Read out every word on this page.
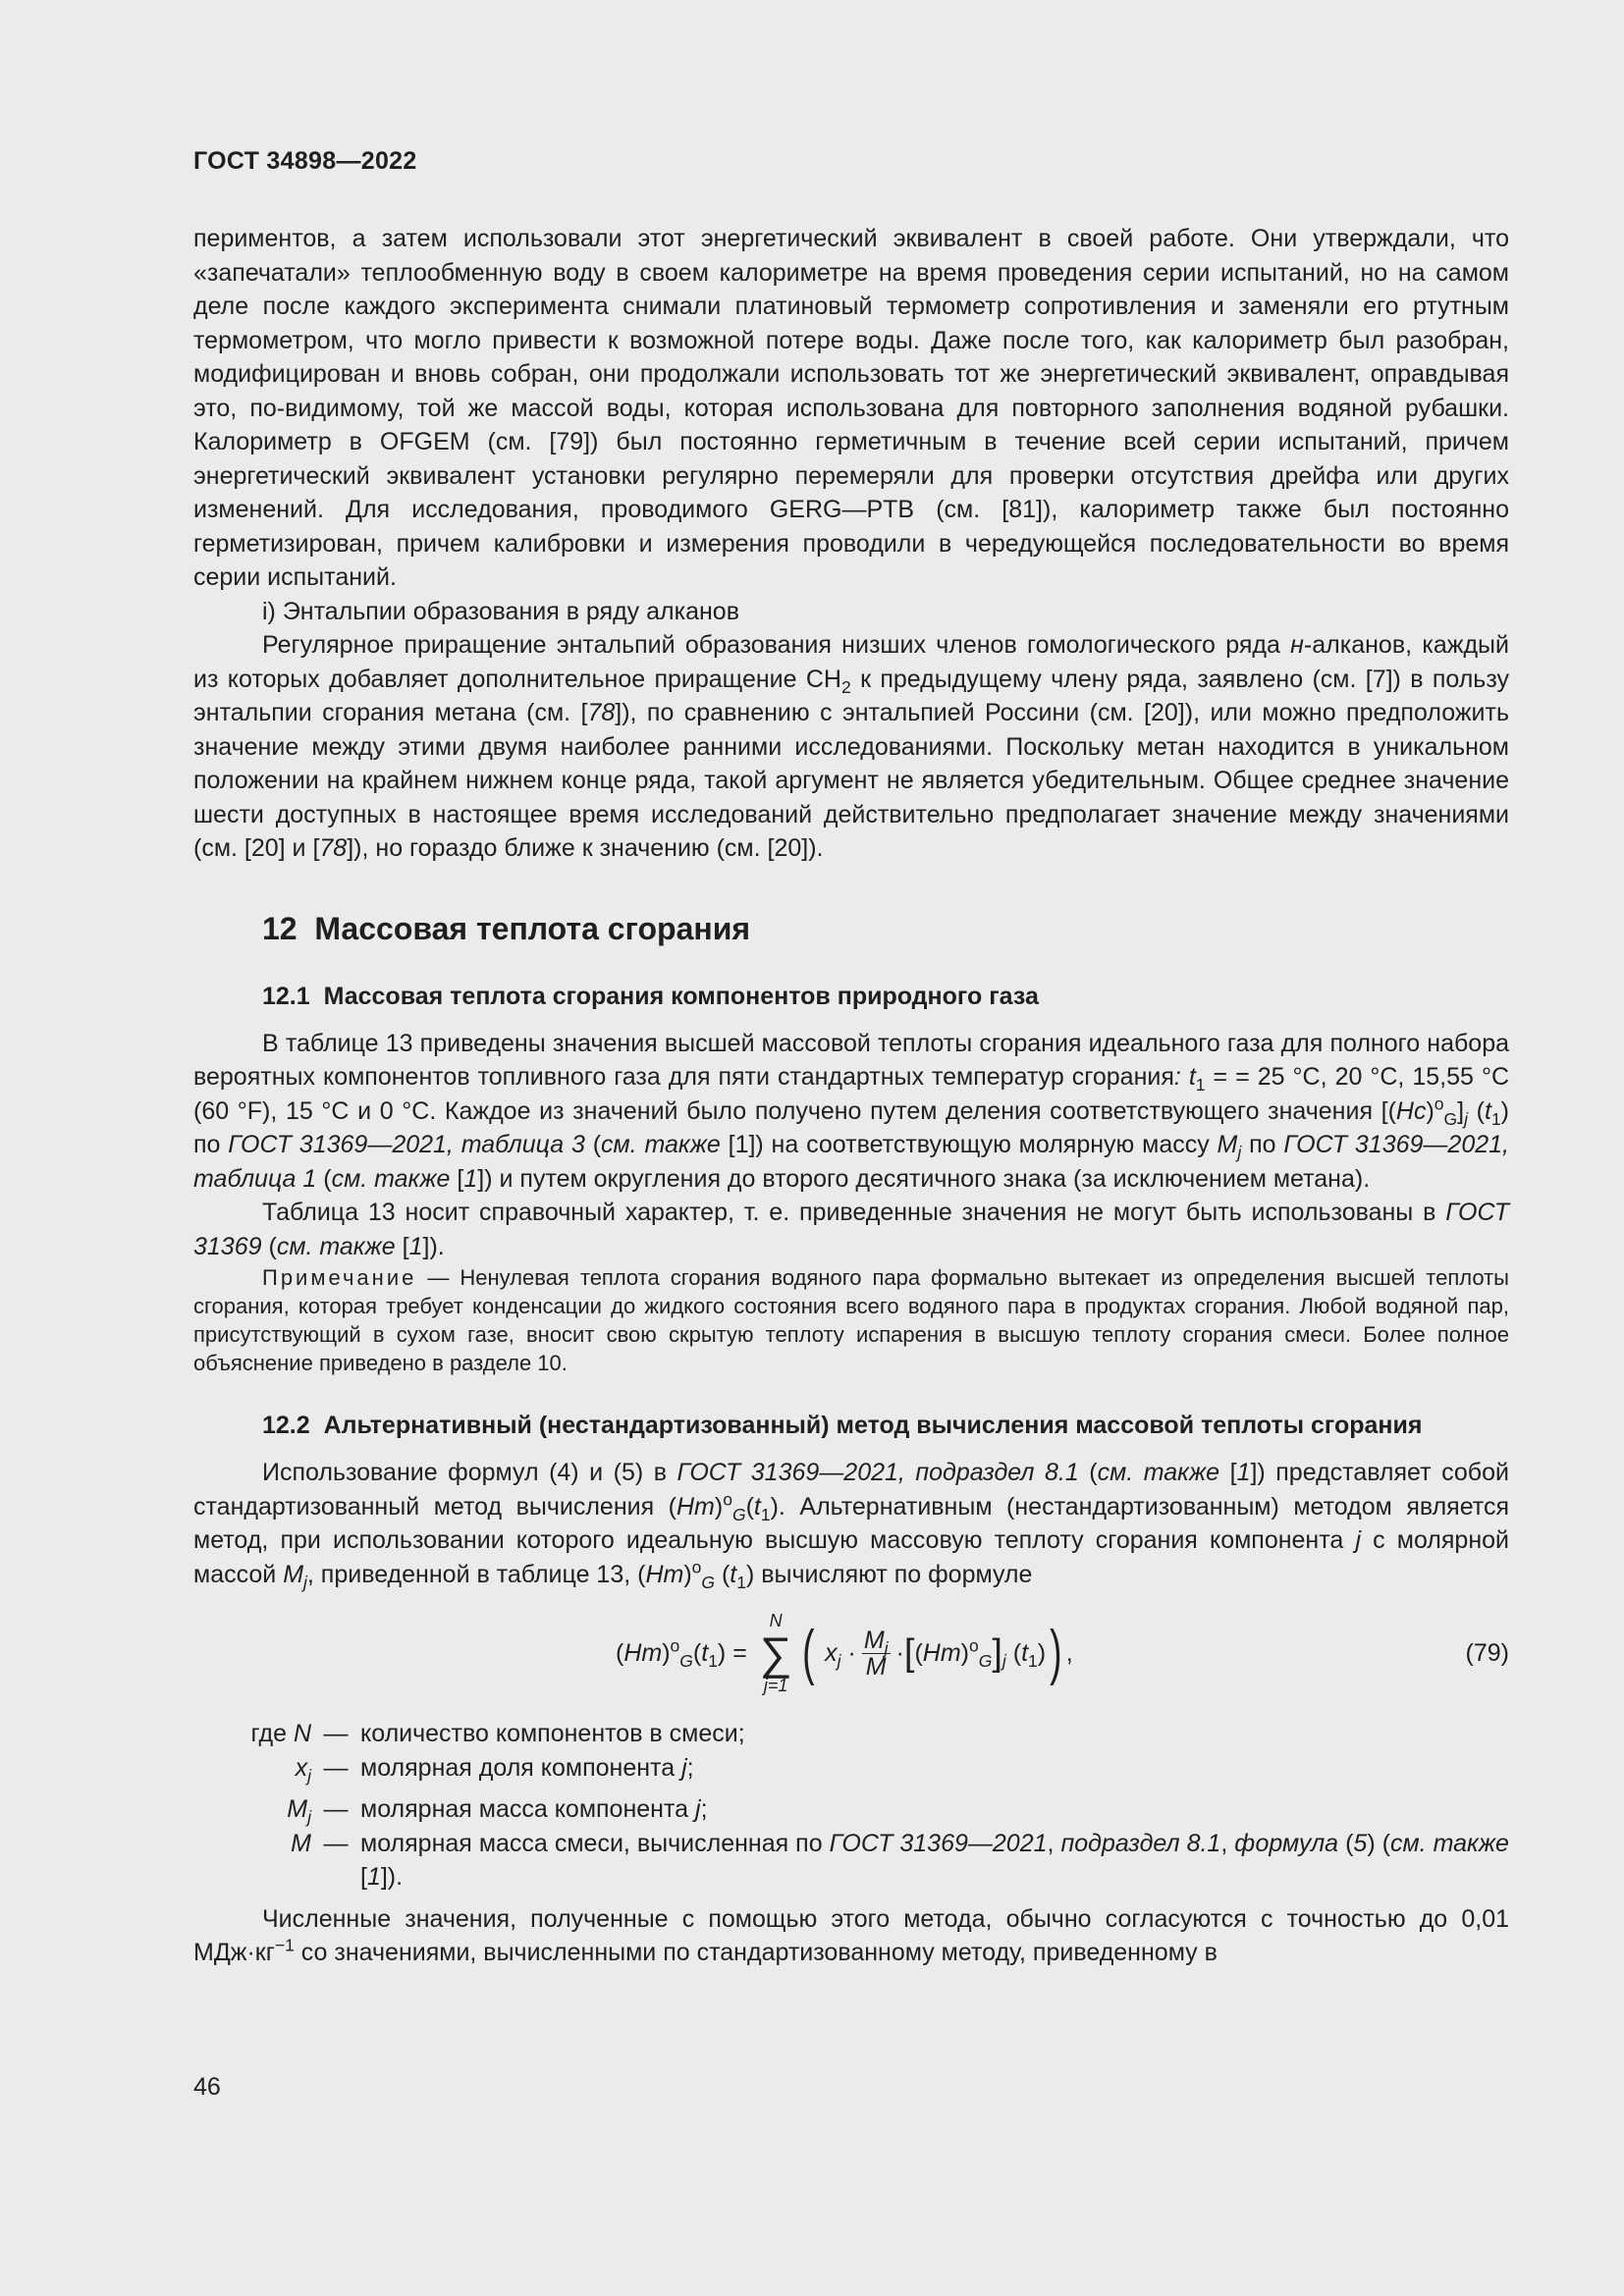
ГОСТ 34898—2022

периментов, а затем использовали этот энергетический эквивалент в своей работе. Они утверждали, что «запечатали» теплообменную воду в своем калориметре на время проведения серии испытаний, но на самом деле после каждого эксперимента снимали платиновый термометр сопротивления и заменяли его ртутным термометром, что могло привести к возможной потере воды. Даже после того, как калориметр был разобран, модифицирован и вновь собран, они продолжали использовать тот же энергетический эквивалент, оправдывая это, по-видимому, той же массой воды, которая использована для повторного заполнения водяной рубашки. Калориметр в OFGEM (см. [79]) был постоянно герметичным в течение всей серии испытаний, причем энергетический эквивалент установки регулярно перемеряли для проверки отсутствия дрейфа или других изменений. Для исследования, проводимого GERG—PTB (см. [81]), калориметр также был постоянно герметизирован, причем калибровки и измерения проводили в чередующейся последовательности во время серии испытаний.

i) Энтальпии образования в ряду алканов

Регулярное приращение энтальпий образования низших членов гомологического ряда н-алканов, каждый из которых добавляет дополнительное приращение $CH_2$ к предыдущему члену ряда, заявлено (см. [7]) в пользу энтальпии сгорания метана (см. [78]), по сравнению с энтальпией Россини (см. [20]), или можно предположить значение между этими двумя наиболее ранними исследованиями. Поскольку метан находится в уникальном положении на крайнем нижнем конце ряда, такой аргумент не является убедительным. Общее среднее значение шести доступных в настоящее время исследований действительно предполагает значение между значениями (см. [20] и [78]), но гораздо ближе к значению (см. [20]).

12 Массовая теплота сгорания
12.1 Массовая теплота сгорания компонентов природного газа

В таблице 13 приведены значения высшей массовой теплоты сгорания идеального газа для полного набора вероятных компонентов топливного газа для пяти стандартных температур сгорания: $t_1$ = = 25 °C, 20 °C, 15,55 °C (60 °F), 15 °C и 0 °C. Каждое из значений было получено путем деления соответствующего значения $[(Hc)^o_G]_j$ $(t_1)$ по ГОСТ 31369—2021, таблица 3 (см. также [1]) на соответствующую молярную массу $M_j$ по ГОСТ 31369—2021, таблица 1 (см. также [1]) и путем округления до второго десятичного знака (за исключением метана).

Таблица 13 носит справочный характер, т. е. приведенные значения не могут быть использованы в ГОСТ 31369 (см. также [1]).

Примечание — Ненулевая теплота сгорания водяного пара формально вытекает из определения высшей теплоты сгорания, которая требует конденсации до жидкого состояния всего водяного пара в продуктах сгорания. Любой водяной пар, присутствующий в сухом газе, вносит свою скрытую теплоту испарения в высшую теплоту сгорания смеси. Более полное объяснение приведено в разделе 10.

12.2 Альтернативный (нестандартизованный) метод вычисления массовой теплоты сгорания

Использование формул (4) и (5) в ГОСТ 31369—2021, подраздел 8.1 (см. также [1]) представляет собой стандартизованный метод вычисления $(Hm)^o_G(t_1)$. Альтернативным (нестандартизованным) методом является метод, при использовании которого идеальную высшую массовую теплоту сгорания компонента j с молярной массой $M_j$, приведенной в таблице 13, $(Hm)^o_G$ $(t_1)$ вычисляют по формуле

$(Hm)^o_G(t_1)$ =
N
∑
j=1 ( $x_j \cdot \frac{M_j}{M}$ · [ $(Hm)^o_G$ ] $_j$ $(t_1)$ ) ,	(79)
где N — количество компонентов в смеси;
$x_j$ — молярная доля компонента j;
$M_j$ — молярная масса компонента j;
M — молярная масса смеси, вычисленная по ГОСТ 31369—2021, подраздел 8.1, формула (5) (см. также [1]).

Численные значения, полученные с помощью этого метода, обычно согласуются с точностью до 0,01 $МДж\cdot кг^{-1}$ со значениями, вычисленными по стандартизованному методу, приведенному в

46
